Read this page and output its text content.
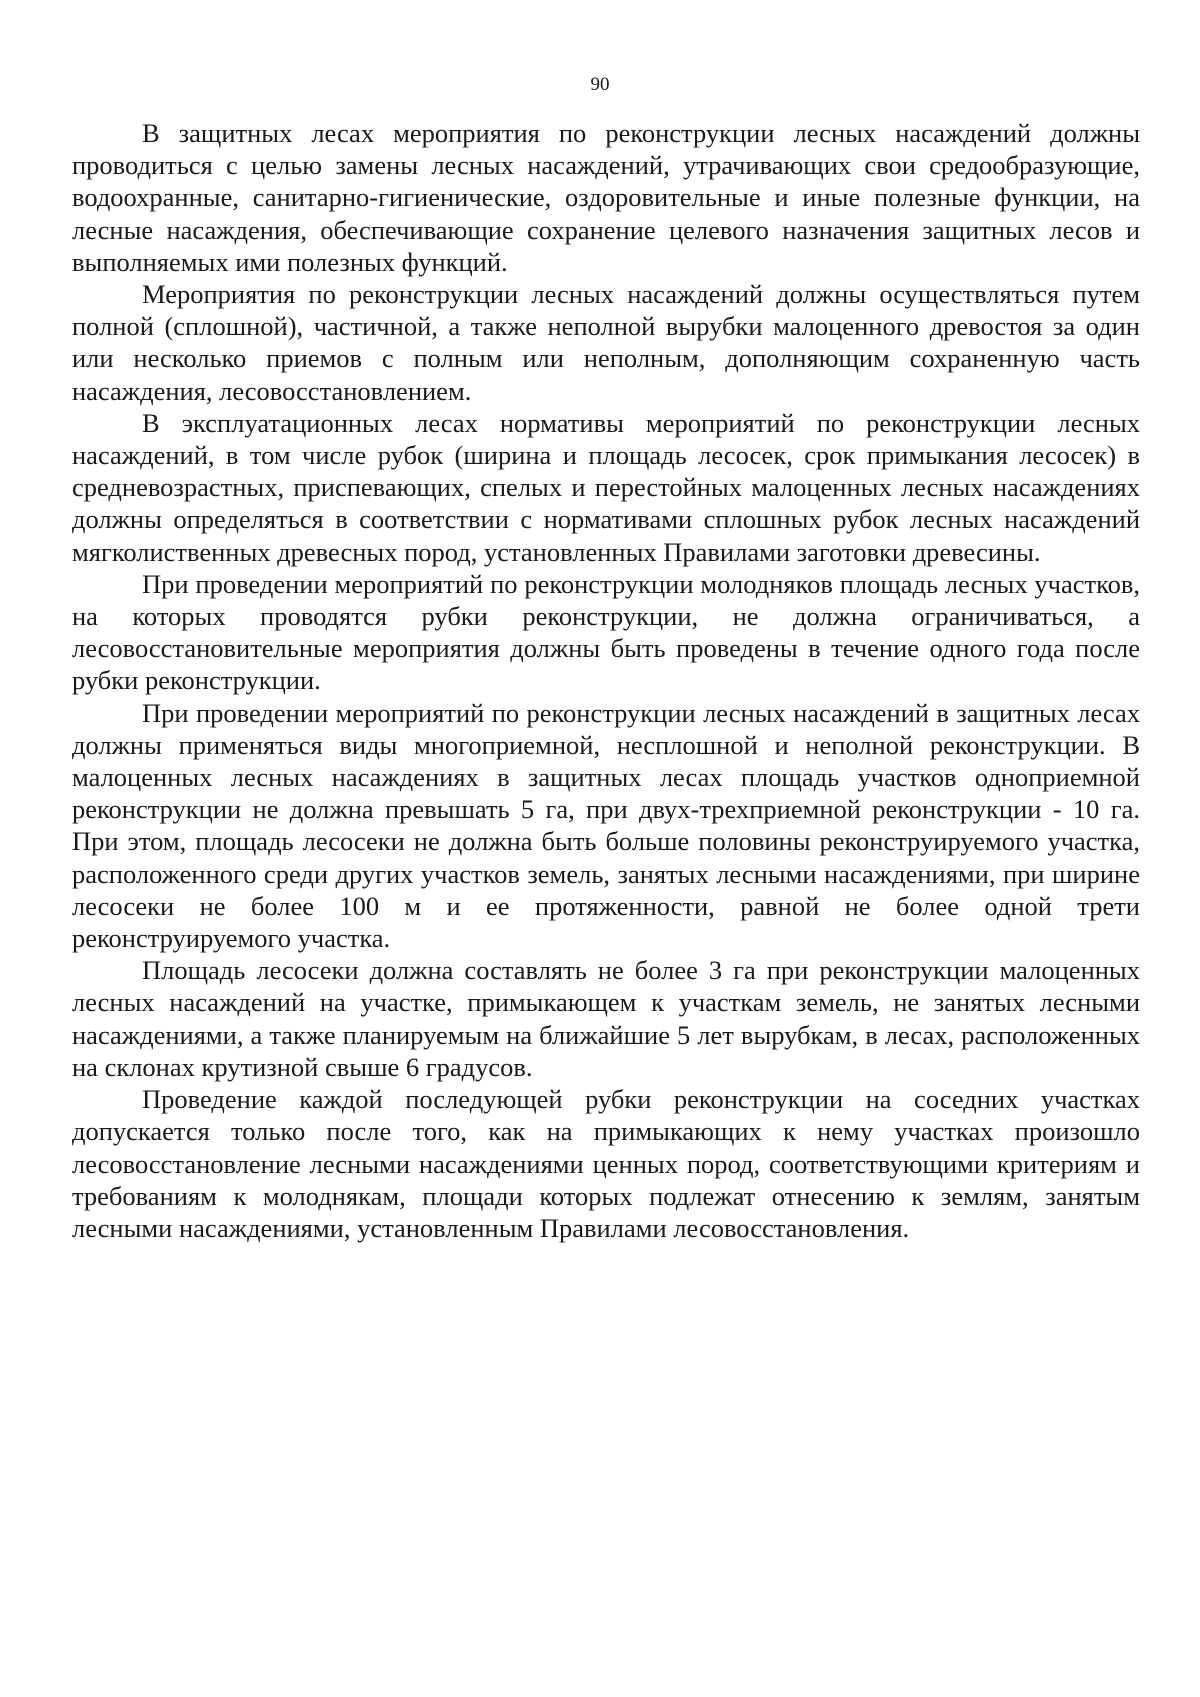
90

В защитных лесах мероприятия по реконструкции лесных насаждений должны проводиться с целью замены лесных насаждений, утрачивающих свои средообразующие, водоохранные, санитарно-гигиенические, оздоровительные и иные полезные функции, на лесные насаждения, обеспечивающие сохранение целевого назначения защитных лесов и выполняемых ими полезных функций.

Мероприятия по реконструкции лесных насаждений должны осуществляться путем полной (сплошной), частичной, а также неполной вырубки малоценного древостоя за один или несколько приемов с полным или неполным, дополняющим сохраненную часть насаждения, лесовосстановлением.

В эксплуатационных лесах нормативы мероприятий по реконструкции лесных насаждений, в том числе рубок (ширина и площадь лесосек, срок примыкания лесосек) в средневозрастных, приспевающих, спелых и перестойных малоценных лесных насаждениях должны определяться в соответствии с нормативами сплошных рубок лесных насаждений мягколиственных древесных пород, установленных Правилами заготовки древесины.

При проведении мероприятий по реконструкции молодняков площадь лесных участков, на которых проводятся рубки реконструкции, не должна ограничиваться, а лесовосстановительные мероприятия должны быть проведены в течение одного года после рубки реконструкции.

При проведении мероприятий по реконструкции лесных насаждений в защитных лесах должны применяться виды многоприемной, несплошной и неполной реконструкции. В малоценных лесных насаждениях в защитных лесах площадь участков одноприемной реконструкции не должна превышать 5 га, при двух-трехприемной реконструкции - 10 га. При этом, площадь лесосеки не должна быть больше половины реконструируемого участка, расположенного среди других участков земель, занятых лесными насаждениями, при ширине лесосеки не более 100 м и ее протяженности, равной не более одной трети реконструируемого участка.

Площадь лесосеки должна составлять не более 3 га при реконструкции малоценных лесных насаждений на участке, примыкающем к участкам земель, не занятых лесными насаждениями, а также планируемым на ближайшие 5 лет вырубкам, в лесах, расположенных на склонах крутизной свыше 6 градусов.

Проведение каждой последующей рубки реконструкции на соседних участках допускается только после того, как на примыкающих к нему участках произошло лесовосстановление лесными насаждениями ценных пород, соответствующими критериям и требованиям к молоднякам, площади которых подлежат отнесению к землям, занятым лесными насаждениями, установленным Правилами лесовосстановления.
